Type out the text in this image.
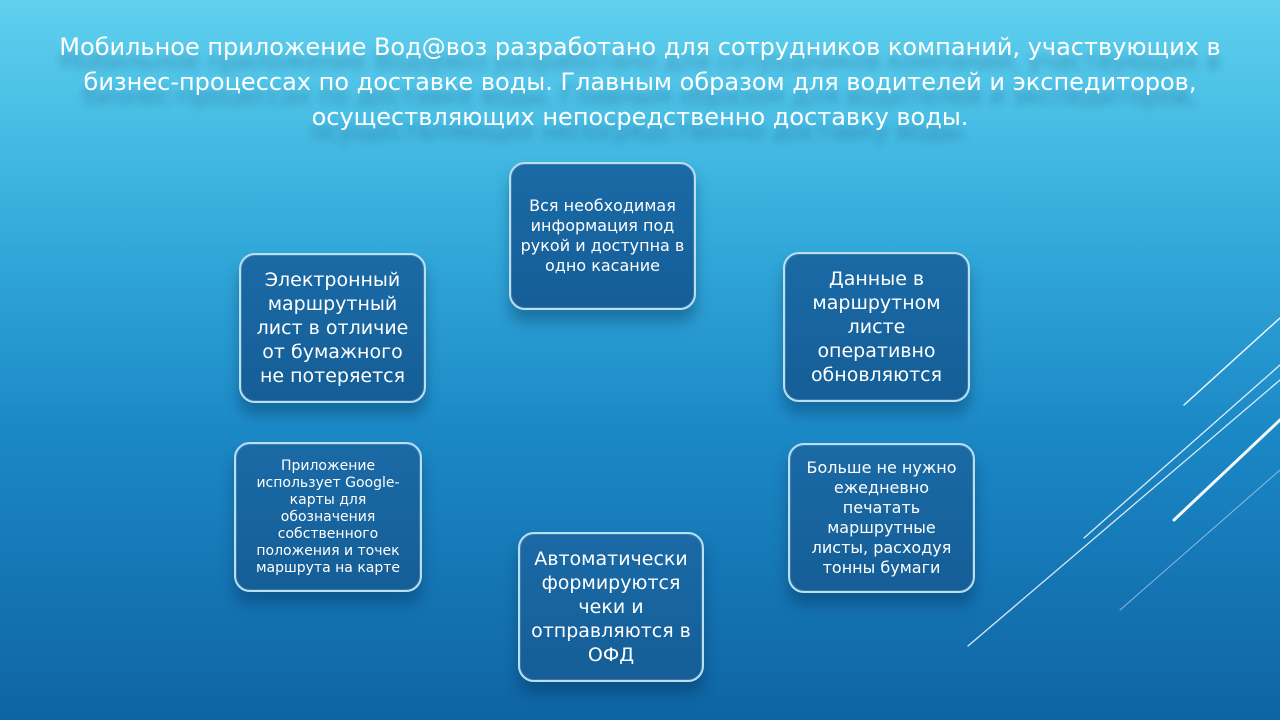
Мобильное приложение Вод@воз разработано для сотрудников компаний, участвующих в бизнес-процессах по доставке воды. Главным образом для водителей и экспедиторов, осуществляющих непосредственно доставку воды.
Вся необходимая информация под рукой и доступна в одно касание
Электронный маршрутный лист в отличие от бумажного не потеряется
Данные в маршрутном листе оперативно обновляются
Приложение использует Google-карты для обозначения собственного положения и точек маршрута на карте
Больше не нужно ежедневно печатать маршрутные листы, расходуя тонны бумаги
Автоматически формируются чеки и отправляются в ОФД
